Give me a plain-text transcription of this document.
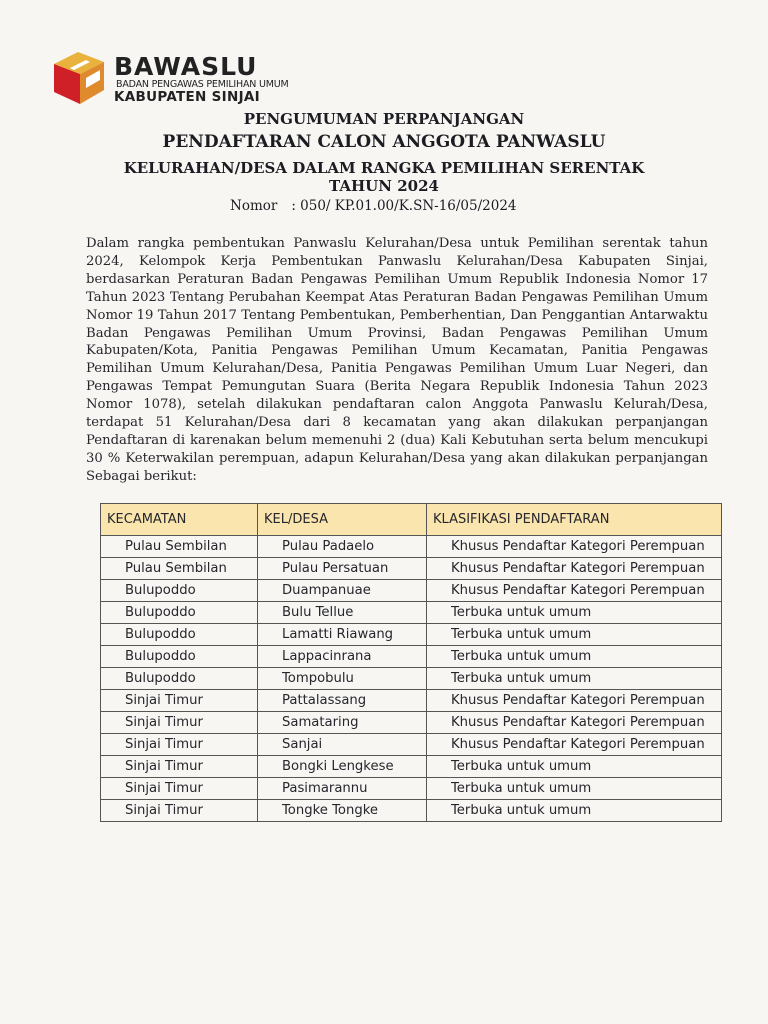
BAWASLU
BADAN PENGAWAS PEMILIHAN UMUM
KABUPATEN SINJAI
PENGUMUMAN PERPANJANGAN
PENDAFTARAN CALON ANGGOTA PANWASLU
KELURAHAN/DESA DALAM RANGKA PEMILIHAN SERENTAK
TAHUN 2024
Nomor : 050/ KP.01.00/K.SN-16/05/2024
Dalam rangka pembentukan Panwaslu Kelurahan/Desa untuk Pemilihan serentak tahun 2024, Kelompok Kerja Pembentukan Panwaslu Kelurahan/Desa Kabupaten Sinjai, berdasarkan Peraturan Badan Pengawas Pemilihan Umum Republik Indonesia Nomor 17 Tahun 2023 Tentang Perubahan Keempat Atas Peraturan Badan Pengawas Pemilihan Umum Nomor 19 Tahun 2017 Tentang Pembentukan, Pemberhentian, Dan Penggantian Antarwaktu Badan Pengawas Pemilihan Umum Provinsi, Badan Pengawas Pemilihan Umum Kabupaten/Kota, Panitia Pengawas Pemilihan Umum Kecamatan, Panitia Pengawas Pemilihan Umum Kelurahan/Desa, Panitia Pengawas Pemilihan Umum Luar Negeri, dan Pengawas Tempat Pemungutan Suara (Berita Negara Republik Indonesia Tahun 2023 Nomor 1078), setelah dilakukan pendaftaran calon Anggota Panwaslu Kelurah/Desa, terdapat 51 Kelurahan/Desa dari 8 kecamatan yang akan dilakukan perpanjangan Pendaftaran di karenakan belum memenuhi 2 (dua) Kali Kebutuhan serta belum mencukupi 30 % Keterwakilan perempuan, adapun Kelurahan/Desa yang akan dilakukan perpanjangan Sebagai berikut:
KECAMATAN	KEL/DESA	KLASIFIKASI PENDAFTARAN
Pulau Sembilan	Pulau Padaelo	Khusus Pendaftar Kategori Perempuan
Pulau Sembilan	Pulau Persatuan	Khusus Pendaftar Kategori Perempuan
Bulupoddo	Duampanuae	Khusus Pendaftar Kategori Perempuan
Bulupoddo	Bulu Tellue	Terbuka untuk umum
Bulupoddo	Lamatti Riawang	Terbuka untuk umum
Bulupoddo	Lappacinrana	Terbuka untuk umum
Bulupoddo	Tompobulu	Terbuka untuk umum
Sinjai Timur	Pattalassang	Khusus Pendaftar Kategori Perempuan
Sinjai Timur	Samataring	Khusus Pendaftar Kategori Perempuan
Sinjai Timur	Sanjai	Khusus Pendaftar Kategori Perempuan
Sinjai Timur	Bongki Lengkese	Terbuka untuk umum
Sinjai Timur	Pasimarannu	Terbuka untuk umum
Sinjai Timur	Tongke Tongke	Terbuka untuk umum
